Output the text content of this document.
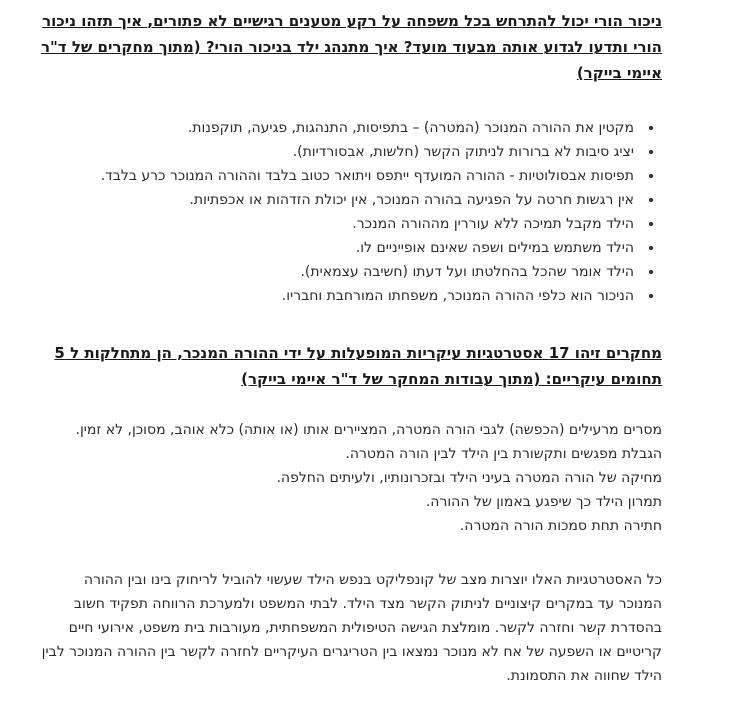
ניכור הורי יכול להתרחש בכל משפחה על רקע מטענים רגישיים לא פתורים, איך תזהו ניכור הורי ותדעו לגדוע אותה מבעוד מועד? איך מתנהג ילד בניכור הורי? (מתוך מחקרים של ד"ר איימי בייקר)
• מקטין את ההורה המנוכר (המטרה) – בתפיסות, התנהגות, פגיעה, תוקפנות.
• יציג סיבות לא ברורות לניתוק הקשר (חלשות, אבסורדיות).
• תפיסות אבסולוטיות - ההורה המועדף ייתפס ויתואר כטוב בלבד וההורה המנוכר כרע בלבד.
• אין רגשות חרטה על הפגיעה בהורה המנוכר, אין יכולת הזדהות או אכפתיות.
• הילד מקבל תמיכה ללא עוררין מההורה המנכר.
• הילד משתמש במילים ושפה שאינם אופייניים לו.
• הילד אומר שהכל בהחלטתו ועל דעתו (חשיבה עצמאית).
• הניכור הוא כלפי ההורה המנוכר, משפחתו המורחבת וחבריו.
מחקרים זיהו 17 אסטרטגיות עיקריות המופעלות על ידי ההורה המנכר, הן מתחלקות ל 5 תחומים עיקריים: (מתוך עבודות המחקר של ד"ר איימי בייקר)
מסרים מרעילים (הכפשה) לגבי הורה המטרה, המציירים אותו (או אותה) כלא אוהב, מסוכן, לא זמין.
הגבלת מפגשים ותקשורת בין הילד לבין הורה המטרה.
מחיקה של הורה המטרה בעיני הילד ובזכרונותיו, ולעיתים החלפה.
תמרון הילד כך שיפגע באמון של ההורה.
חתירה תחת סמכות הורה המטרה.

כל האסטרטגיות האלו יוצרות מצב של קונפליקט בנפש הילד שעשוי להוביל לריחוק בינו ובין ההורה המנוכר עד במקרים קיצוניים לניתוק הקשר מצד הילד. לבתי המשפט ולמערכת הרווחה תפקיד חשוב בהסדרת קשר וחזרה לקשר. מומלצת הגישה הטיפולית המשפחתית, מעורבות בית משפט, אירועי חיים קריטיים או השפעה של אח לא מנוכר נמצאו בין הטריגרים העיקריים לחזרה לקשר בין ההורה המנוכר לבין הילד שחווה את התסמונת.
